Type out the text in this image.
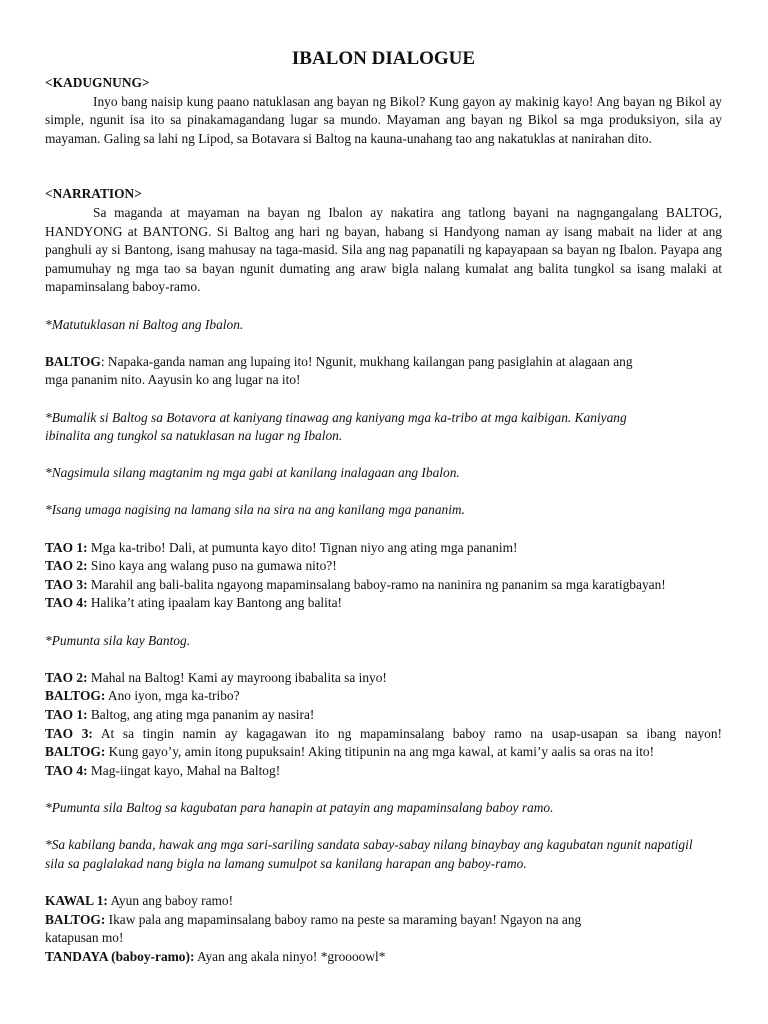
IBALON DIALOGUE

<KADUGNUNG>

Inyo bang naisip kung paano natuklasan ang bayan ng Bikol? Kung gayon ay makinig kayo! Ang bayan ng Bikol ay simple, ngunit isa ito sa pinakamagandang lugar sa mundo. Mayaman ang bayan ng Bikol sa mga produksiyon, sila ay mayaman. Galing sa lahi ng Lipod, sa Botavara si Baltog na kauna-unahang tao ang nakatuklas at nanirahan dito.

<NARRATION>

Sa maganda at mayaman na bayan ng Ibalon ay nakatira ang tatlong bayani na nagngangalang BALTOG, HANDYONG at BANTONG. Si Baltog ang hari ng bayan, habang si Handyong naman ay isang mabait na lider at ang panghuli ay si Bantong, isang mahusay na taga-masid. Sila ang nag papanatili ng kapayapaan sa bayan ng Ibalon. Payapa ang pamumuhay ng mga tao sa bayan ngunit dumating ang araw bigla nalang kumalat ang balita tungkol sa isang malaki at mapaminsalang baboy-ramo.

*Matutuklasan ni Baltog ang Ibalon.

BALTOG: Napaka-ganda naman ang lupaing ito! Ngunit, mukhang kailangan pang pasiglahin at alagaan ang

mga pananim nito. Aayusin ko ang lugar na ito!

*Bumalik si Baltog sa Botavora at kaniyang tinawag ang kaniyang mga ka-tribo at mga kaibigan. Kaniyang

ibinalita ang tungkol sa natuklasan na lugar ng Ibalon.

*Nagsimula silang magtanim ng mga gabi at kanilang inalagaan ang Ibalon.

*Isang umaga nagising na lamang sila na sira na ang kanilang mga pananim.

TAO 1: Mga ka-tribo! Dali, at pumunta kayo dito! Tignan niyo ang ating mga pananim!

TAO 2: Sino kaya ang walang puso na gumawa nito?!

TAO 3: Marahil ang bali-balita ngayong mapaminsalang baboy-ramo na naninira ng pananim sa mga karatigbayan!

TAO 4: Halika’t ating ipaalam kay Bantong ang balita!

*Pumunta sila kay Bantog.

TAO 2: Mahal na Baltog! Kami ay mayroong ibabalita sa inyo!

BALTOG: Ano iyon, mga ka-tribo?

TAO 1: Baltog, ang ating mga pananim ay nasira!

TAO 3: At sa tingin namin ay kagagawan ito ng mapaminsalang baboy ramo na usap-usapan sa ibang nayon!

BALTOG: Kung gayo’y, amin itong pupuksain! Aking titipunin na ang mga kawal, at kami’y aalis sa oras na ito!

TAO 4: Mag-iingat kayo, Mahal na Baltog!

*Pumunta sila Baltog sa kagubatan para hanapin at patayin ang mapaminsalang baboy ramo.

*Sa kabilang banda, hawak ang mga sari-sariling sandata sabay-sabay nilang binaybay ang kagubatan ngunit napatigil

sila sa paglalakad nang bigla na lamang sumulpot sa kanilang harapan ang baboy-ramo.

KAWAL 1: Ayun ang baboy ramo!

BALTOG: Ikaw pala ang mapaminsalang baboy ramo na peste sa maraming bayan! Ngayon na ang

katapusan mo!

TANDAYA (baboy-ramo): Ayan ang akala ninyo! *groooowl*
